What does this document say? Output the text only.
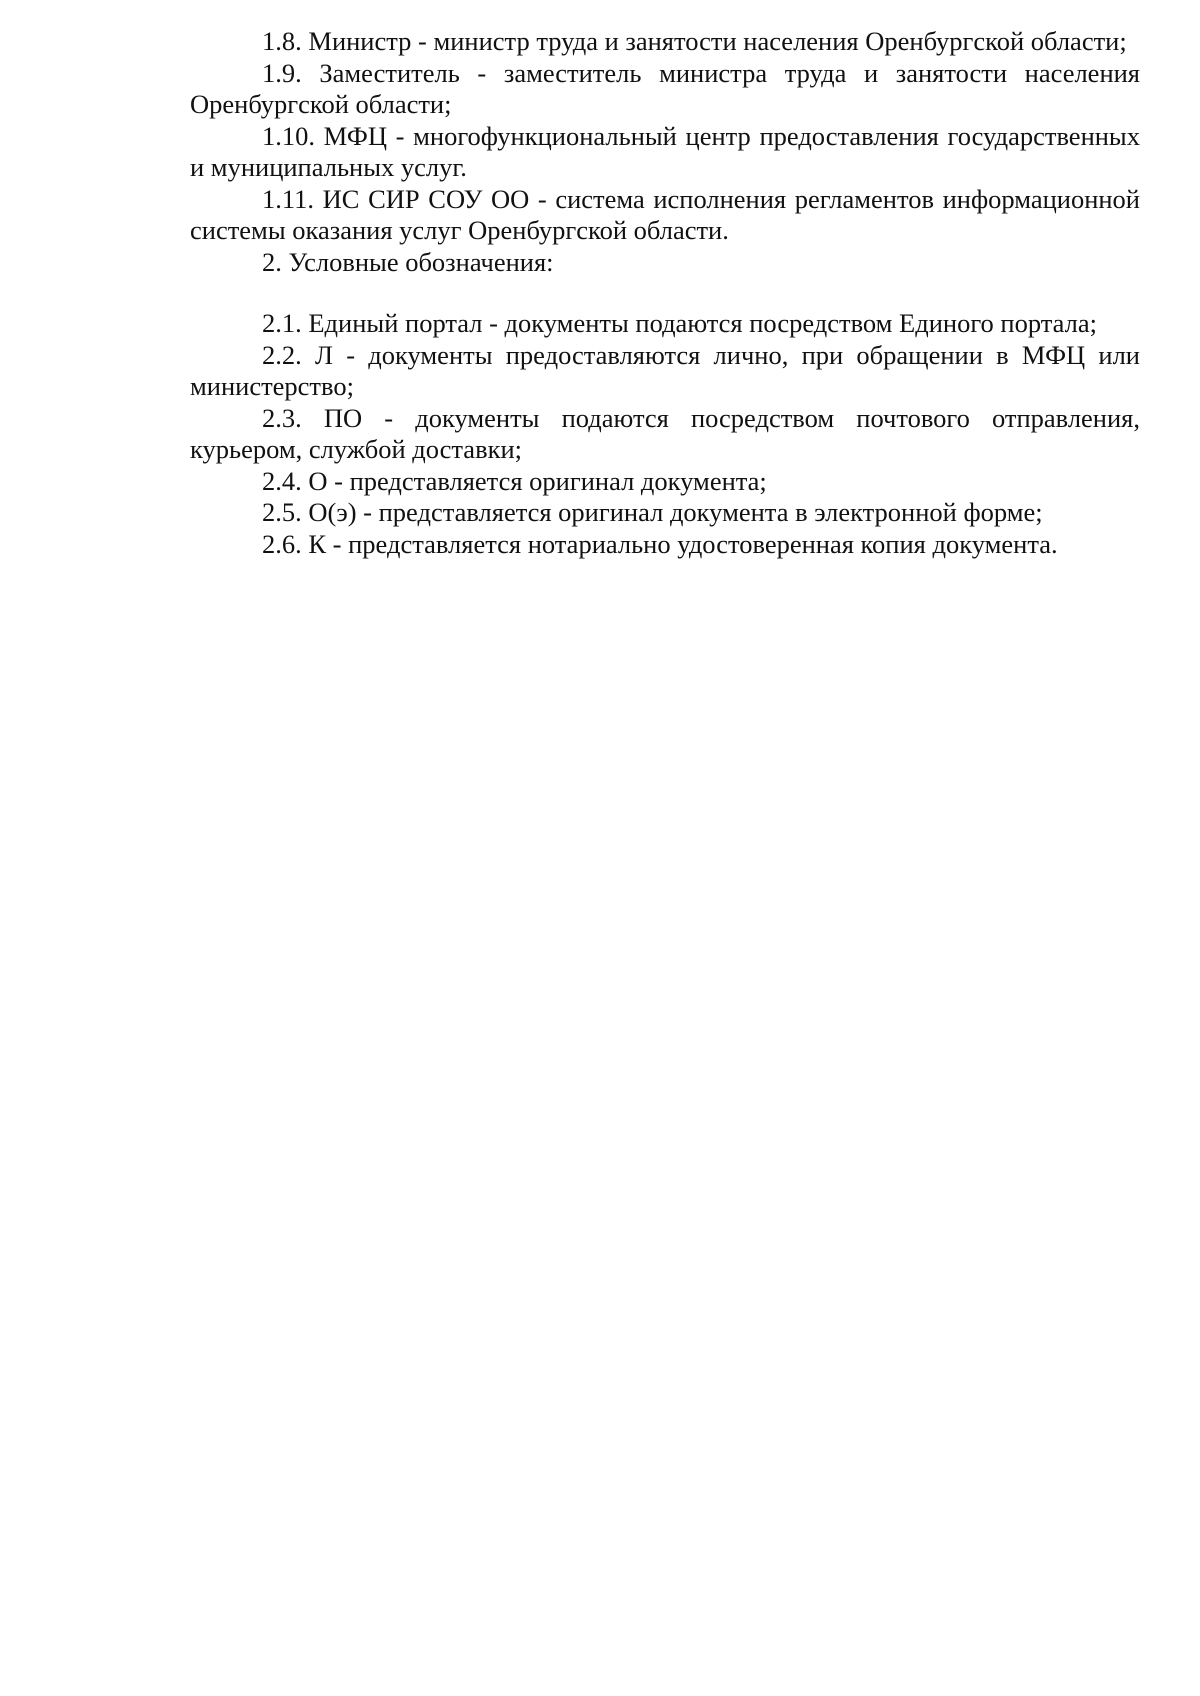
1.8. Министр - министр труда и занятости населения Оренбургской области;

1.9. Заместитель - заместитель министра труда и занятости населения Оренбургской области;

1.10. МФЦ - многофункциональный центр предоставления государственных и муниципальных услуг.

1.11. ИС СИР СОУ ОО - система исполнения регламентов информационной системы оказания услуг Оренбургской области.

2. Условные обозначения:

2.1. Единый портал - документы подаются посредством Единого портала;

2.2. Л - документы предоставляются лично, при обращении в МФЦ или министерство;

2.3. ПО - документы подаются посредством почтового отправления, курьером, службой доставки;

2.4. О - представляется оригинал документа;

2.5. О(э) - представляется оригинал документа в электронной форме;

2.6. К - представляется нотариально удостоверенная копия документа.
